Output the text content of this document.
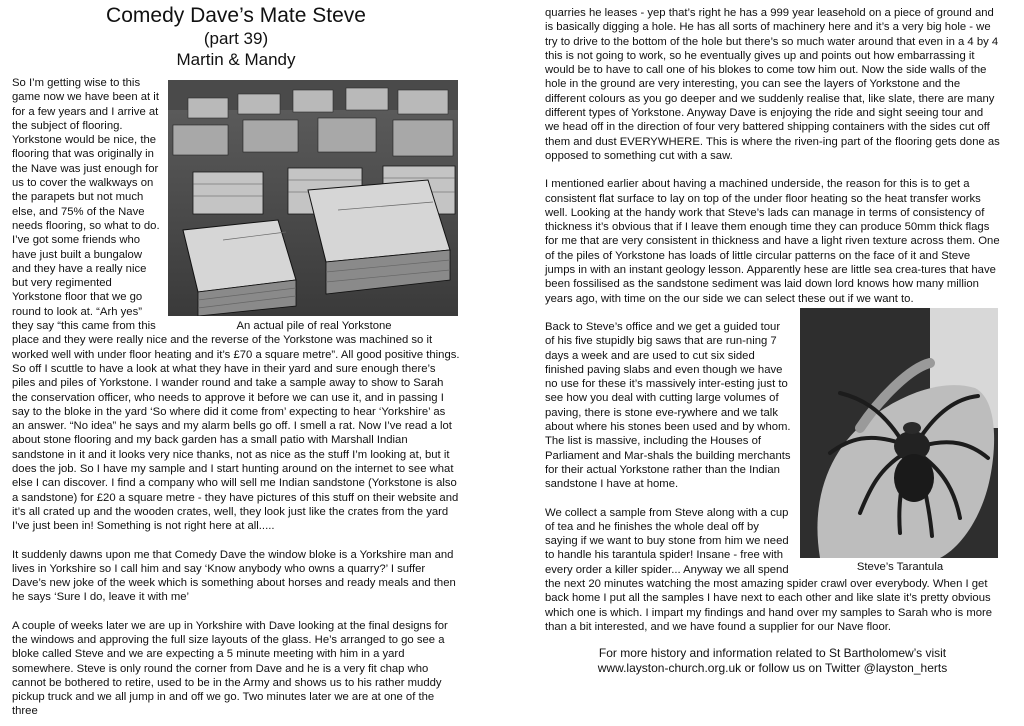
Comedy Dave’s Mate Steve
(part 39)
Martin & Mandy
An actual pile of real Yorkstone

So I’m getting wise to this game now we have been at it for a few years and I arrive at the subject of flooring. Yorkstone would be nice, the flooring that was originally in the Nave was just enough for us to cover the walkways on the parapets but not much else, and 75% of the Nave needs flooring, so what to do. I’ve got some friends who have just built a bungalow and they have a really nice but very regimented Yorkstone floor that we go round to look at. “Arh yes” they say “this came from this place and they were really nice and the reverse of the Yorkstone was machined so it worked well with under floor heating and it’s £70 a square metre”. All good positive things. So off I scuttle to have a look at what they have in their yard and sure enough there’s piles and piles of Yorkstone. I wander round and take a sample away to show to Sarah the conservation officer, who needs to approve it before we can use it, and in passing I say to the bloke in the yard ‘So where did it come from’ expecting to hear ‘Yorkshire’ as an answer. “No idea” he says and my alarm bells go off. I smell a rat. Now I’ve read a lot about stone flooring and my back garden has a small patio with Marshall Indian sandstone in it and it looks very nice thanks, not as nice as the stuff I’m looking at, but it does the job. So I have my sample and I start hunting around on the internet to see what else I can discover. I find a company who will sell me Indian sandstone (Yorkstone is also a sandstone) for £20 a square metre - they have pictures of this stuff on their website and it’s all crated up and the wooden crates, well, they look just like the crates from the yard I’ve just been in! Something is not right here at all.....

It suddenly dawns upon me that Comedy Dave the window bloke is a Yorkshire man and lives in Yorkshire so I call him and say ‘Know anybody who owns a quarry?’ I suffer Dave’s new joke of the week which is something about horses and ready meals and then he says ‘Sure I do, leave it with me’

A couple of weeks later we are up in Yorkshire with Dave looking at the final designs for the windows and approving the full size layouts of the glass. He’s arranged to go see a bloke called Steve and we are expecting a 5 minute meeting with him in a yard somewhere. Steve is only round the corner from Dave and he is a very fit chap who cannot be bothered to retire, used to be in the Army and shows us to his rather muddy pickup truck and we all jump in and off we go. Two minutes later we are at one of the three

quarries he leases - yep that’s right he has a 999 year leasehold on a piece of ground and is basically digging a hole. He has all sorts of machinery here and it’s a very big hole - we try to drive to the bottom of the hole but there’s so much water around that even in a 4 by 4 this is not going to work, so he eventually gives up and points out how embarrassing it would be to have to call one of his blokes to come tow him out. Now the side walls of the hole in the ground are very interesting, you can see the layers of Yorkstone and the different colours as you go deeper and we suddenly realise that, like slate, there are many different types of Yorkstone. Anyway Dave is enjoying the ride and sight seeing tour and we head off in the direction of four very battered shipping containers with the sides cut off them and dust EVERYWHERE. This is where the riven-ing part of the flooring gets done as opposed to something cut with a saw.

I mentioned earlier about having a machined underside, the reason for this is to get a consistent flat surface to lay on top of the under floor heating so the heat transfer works well. Looking at the handy work that Steve’s lads can manage in terms of consistency of thickness it’s obvious that if I leave them enough time they can produce 50mm thick flags for me that are very consistent in thickness and have a light riven texture across them. One of the piles of Yorkstone has loads of little circular patterns on the face of it and Steve jumps in with an instant geology lesson. Apparently hese are little sea crea-tures that have been fossilised as the sandstone sediment was laid down lord knows how many million years ago, with time on the our side we can select these out if we want to.

Steve’s Tarantula

Back to Steve’s office and we get a guided tour of his five stupidly big saws that are run-ning 7 days a week and are used to cut six sided finished paving slabs and even though we have no use for these it’s massively inter-esting just to see how you deal with cutting large volumes of paving, there is stone eve-rywhere and we talk about where his stones been used and by whom. The list is massive, including the Houses of Parliament and Mar-shals the building merchants for their actual Yorkstone rather than the Indian sandstone I have at home.

We collect a sample from Steve along with a cup of tea and he finishes the whole deal off by saying if we want to buy stone from him we need to handle his tarantula spider! Insane - free with every order a killer spider... Anyway we all spend the next 20 minutes watching the most amazing spider crawl over everybody. When I get back home I put all the samples I have next to each other and like slate it’s pretty obvious which one is which. I impart my findings and hand over my samples to Sarah who is more than a bit interested, and we have found a supplier for our Nave floor.

For more history and information related to St Bartholomew’s visit
www.layston-church.org.uk or follow us on Twitter @layston_herts
